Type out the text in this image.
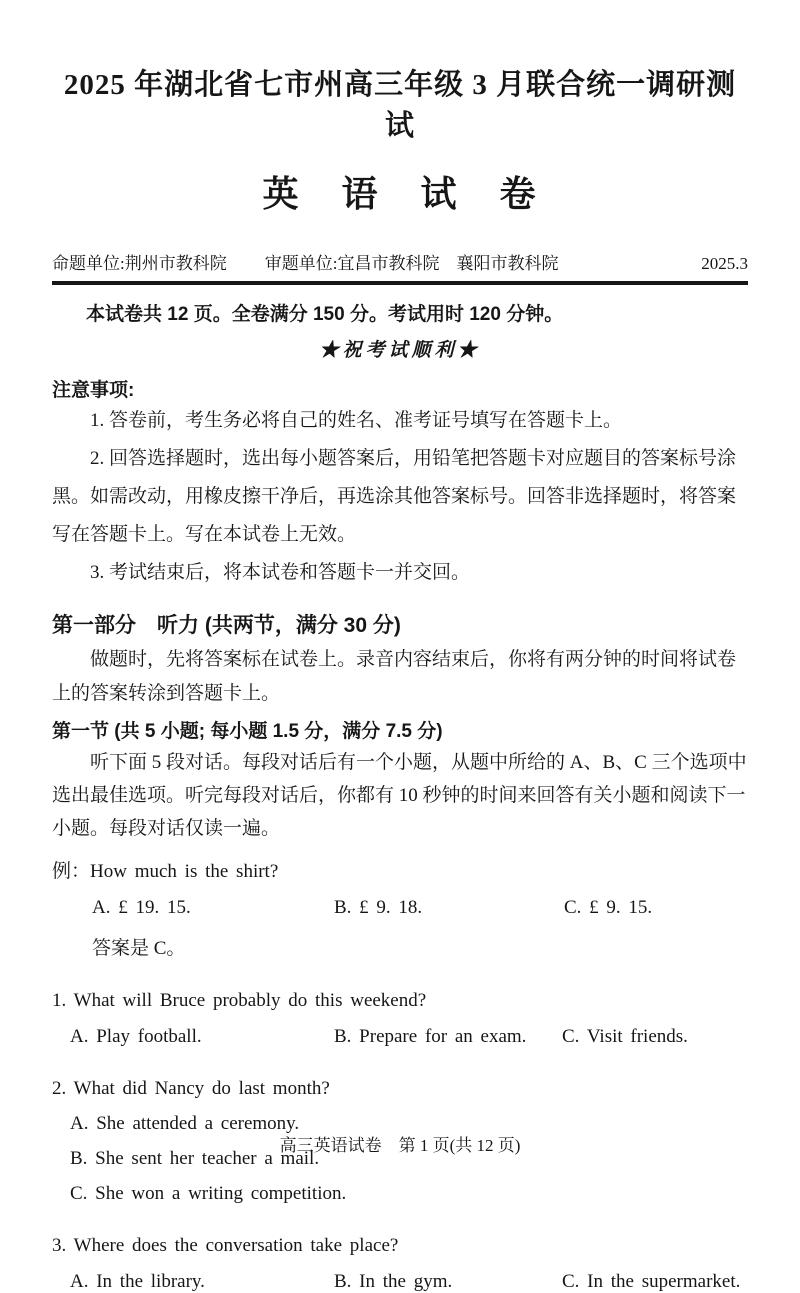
2025 年湖北省七市州高三年级 3 月联合统一调研测试
英 语 试 卷
命题单位:荆州市教科院 审题单位:宜昌市教科院　襄阳市教科院	2025.3

本试卷共 12 页。全卷满分 150 分。考试用时 120 分钟。

★祝考试顺利★

注意事项:

1. 答卷前，考生务必将自己的姓名、准考证号填写在答题卡上。

2. 回答选择题时，选出每小题答案后，用铅笔把答题卡对应题目的答案标号涂黑。如需改动，用橡皮擦干净后，再选涂其他答案标号。回答非选择题时，将答案写在答题卡上。写在本试卷上无效。

3. 考试结束后，将本试卷和答题卡一并交回。

第一部分　听力 (共两节，满分 30 分)

做题时，先将答案标在试卷上。录音内容结束后，你将有两分钟的时间将试卷上的答案转涂到答题卡上。

第一节 (共 5 小题; 每小题 1.5 分，满分 7.5 分)

听下面 5 段对话。每段对话后有一个小题，从题中所给的 A、B、C 三个选项中选出最佳选项。听完每段对话后，你都有 10 秒钟的时间来回答有关小题和阅读下一小题。每段对话仅读一遍。

例：How much is the shirt?

A. £ 19. 15.	B. £ 9. 18.	C. £ 9. 15.

答案是 C。

1. What will Bruce probably do this weekend?

A. Play football.	B. Prepare for an exam.	C. Visit friends.

2. What did Nancy do last month?

A. She attended a ceremony.
B. She sent her teacher a mail.
C. She won a writing competition.

3. Where does the conversation take place?

A. In the library.	B. In the gym.	C. In the supermarket.
高三英语试卷　第 1 页(共 12 页)
